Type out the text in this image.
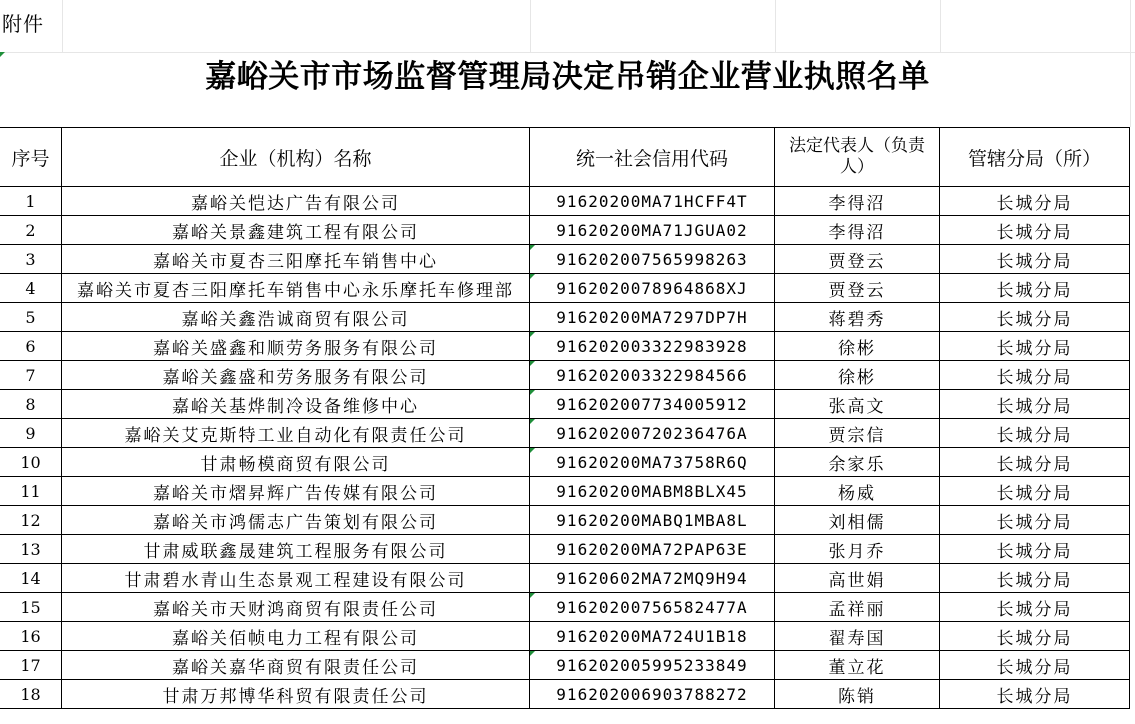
附件
嘉峪关市市场监督管理局决定吊销企业营业执照名单
序号	企业（机构）名称	统一社会信用代码	法定代表人（负责人）	管辖分局（所）
1	嘉峪关恺达广告有限公司	91620200MA71HCFF4T	李得沼	长城分局
2	嘉峪关景鑫建筑工程有限公司	91620200MA71JGUA02	李得沼	长城分局
3	嘉峪关市夏杏三阳摩托车销售中心	916202007565998263	贾登云	长城分局
4	嘉峪关市夏杏三阳摩托车销售中心永乐摩托车修理部	91620200789648​68XJ	贾登云	长城分局
5	嘉峪关鑫浩诚商贸有限公司	91620200MA7297DP7H	蒋碧秀	长城分局
6	嘉峪关盛鑫和顺劳务服务有限公司	916202003322983928	徐彬	长城分局
7	嘉峪关鑫盛和劳务服务有限公司	916202003322984566	徐彬	长城分局
8	嘉峪关基烨制冷设备维修中心	916202007734005912	张高文	长城分局
9	嘉峪关艾克斯特工业自动化有限责任公司	91620200720236476A	贾宗信	长城分局
10	甘肃畅模商贸有限公司	91620200MA73758R6Q	余家乐	长城分局
11	嘉峪关市熠昇辉广告传媒有限公司	91620200MABM8BLX45	杨威	长城分局
12	嘉峪关市鸿儒志广告策划有限公司	91620200MABQ1MBA8L	刘相儒	长城分局
13	甘肃威联鑫晟建筑工程服务有限公司	91620200MA72PAP63E	张月乔	长城分局
14	甘肃碧水青山生态景观工程建设有限公司	91620602MA72MQ9H94	高世娟	长城分局
15	嘉峪关市天财鸿商贸有限责任公司	91620200756582477A	孟祥丽	长城分局
16	嘉峪关佰帧电力工程有限公司	91620200MA724U1B18	翟寿国	长城分局
17	嘉峪关嘉华商贸有限责任公司	916202005995233849	董立花	长城分局
18	甘肃万邦博华科贸有限责任公司	916202006903788272	陈销	长城分局
